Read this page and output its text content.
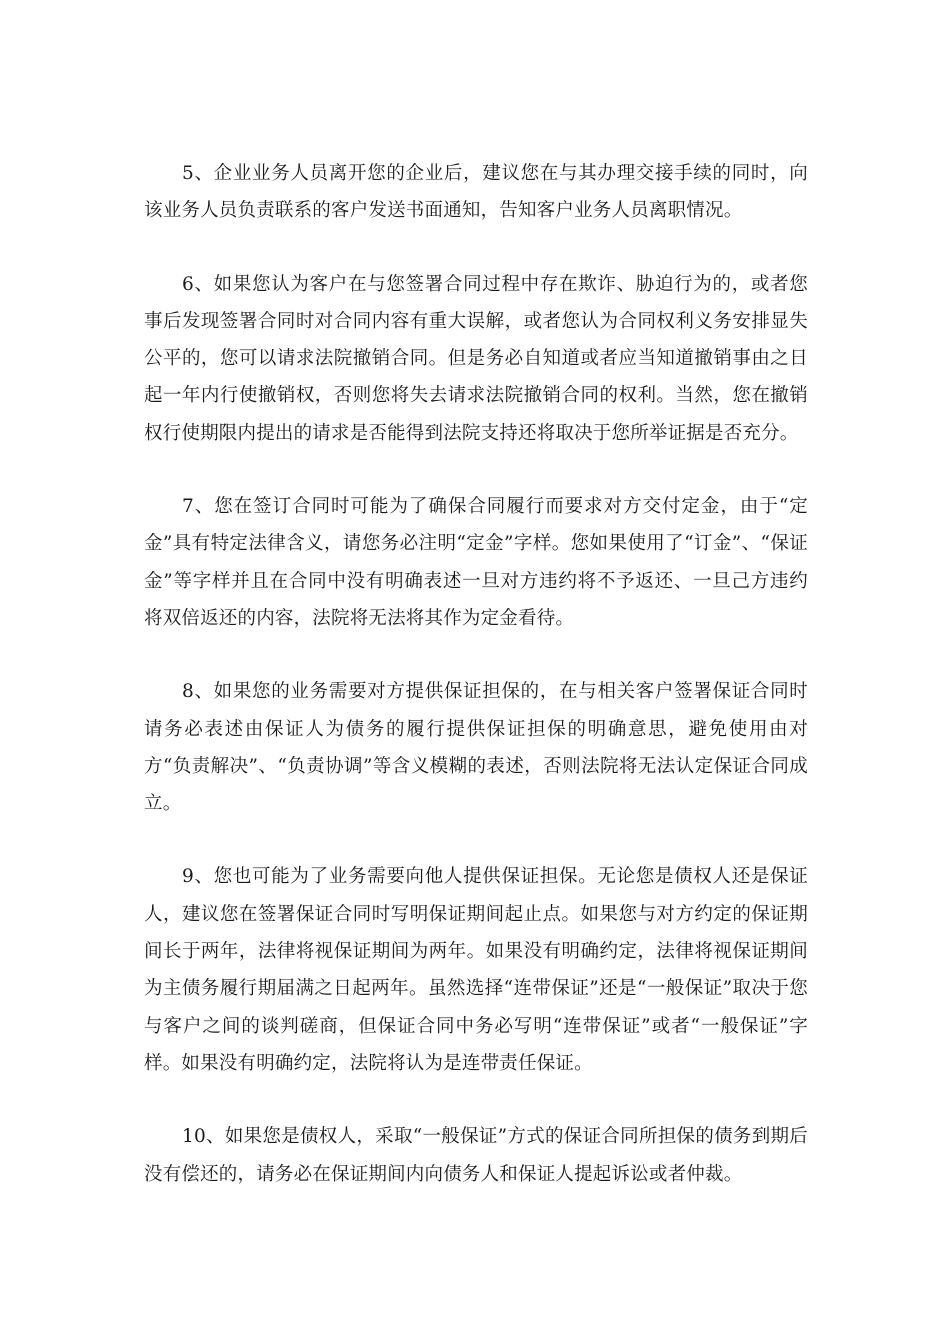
5、企业业务人员离开您的企业后，建议您在与其办理交接手续的同时，向该业务人员负责联系的客户发送书面通知，告知客户业务人员离职情况。

6、如果您认为客户在与您签署合同过程中存在欺诈、胁迫行为的，或者您事后发现签署合同时对合同内容有重大误解，或者您认为合同权利义务安排显失公平的，您可以请求法院撤销合同。但是务必自知道或者应当知道撤销事由之日起一年内行使撤销权，否则您将失去请求法院撤销合同的权利。当然，您在撤销权行使期限内提出的请求是否能得到法院支持还将取决于您所举证据是否充分。

7、您在签订合同时可能为了确保合同履行而要求对方交付定金，由于“定金”具有特定法律含义，请您务必注明“定金”字样。您如果使用了“订金”、“保证金”等字样并且在合同中没有明确表述一旦对方违约将不予返还、一旦己方违约将双倍返还的内容，法院将无法将其作为定金看待。

8、如果您的业务需要对方提供保证担保的，在与相关客户签署保证合同时请务必表述由保证人为债务的履行提供保证担保的明确意思，避免使用由对方“负责解决”、“负责协调”等含义模糊的表述，否则法院将无法认定保证合同成立。

9、您也可能为了业务需要向他人提供保证担保。无论您是债权人还是保证人，建议您在签署保证合同时写明保证期间起止点。如果您与对方约定的保证期间长于两年，法律将视保证期间为两年。如果没有明确约定，法律将视保证期间为主债务履行期届满之日起两年。虽然选择“连带保证”还是“一般保证”取决于您与客户之间的谈判磋商，但保证合同中务必写明“连带保证”或者“一般保证”字样。如果没有明确约定，法院将认为是连带责任保证。

10、如果您是债权人，采取“一般保证”方式的保证合同所担保的债务到期后没有偿还的，请务必在保证期间内向债务人和保证人提起诉讼或者仲裁。
